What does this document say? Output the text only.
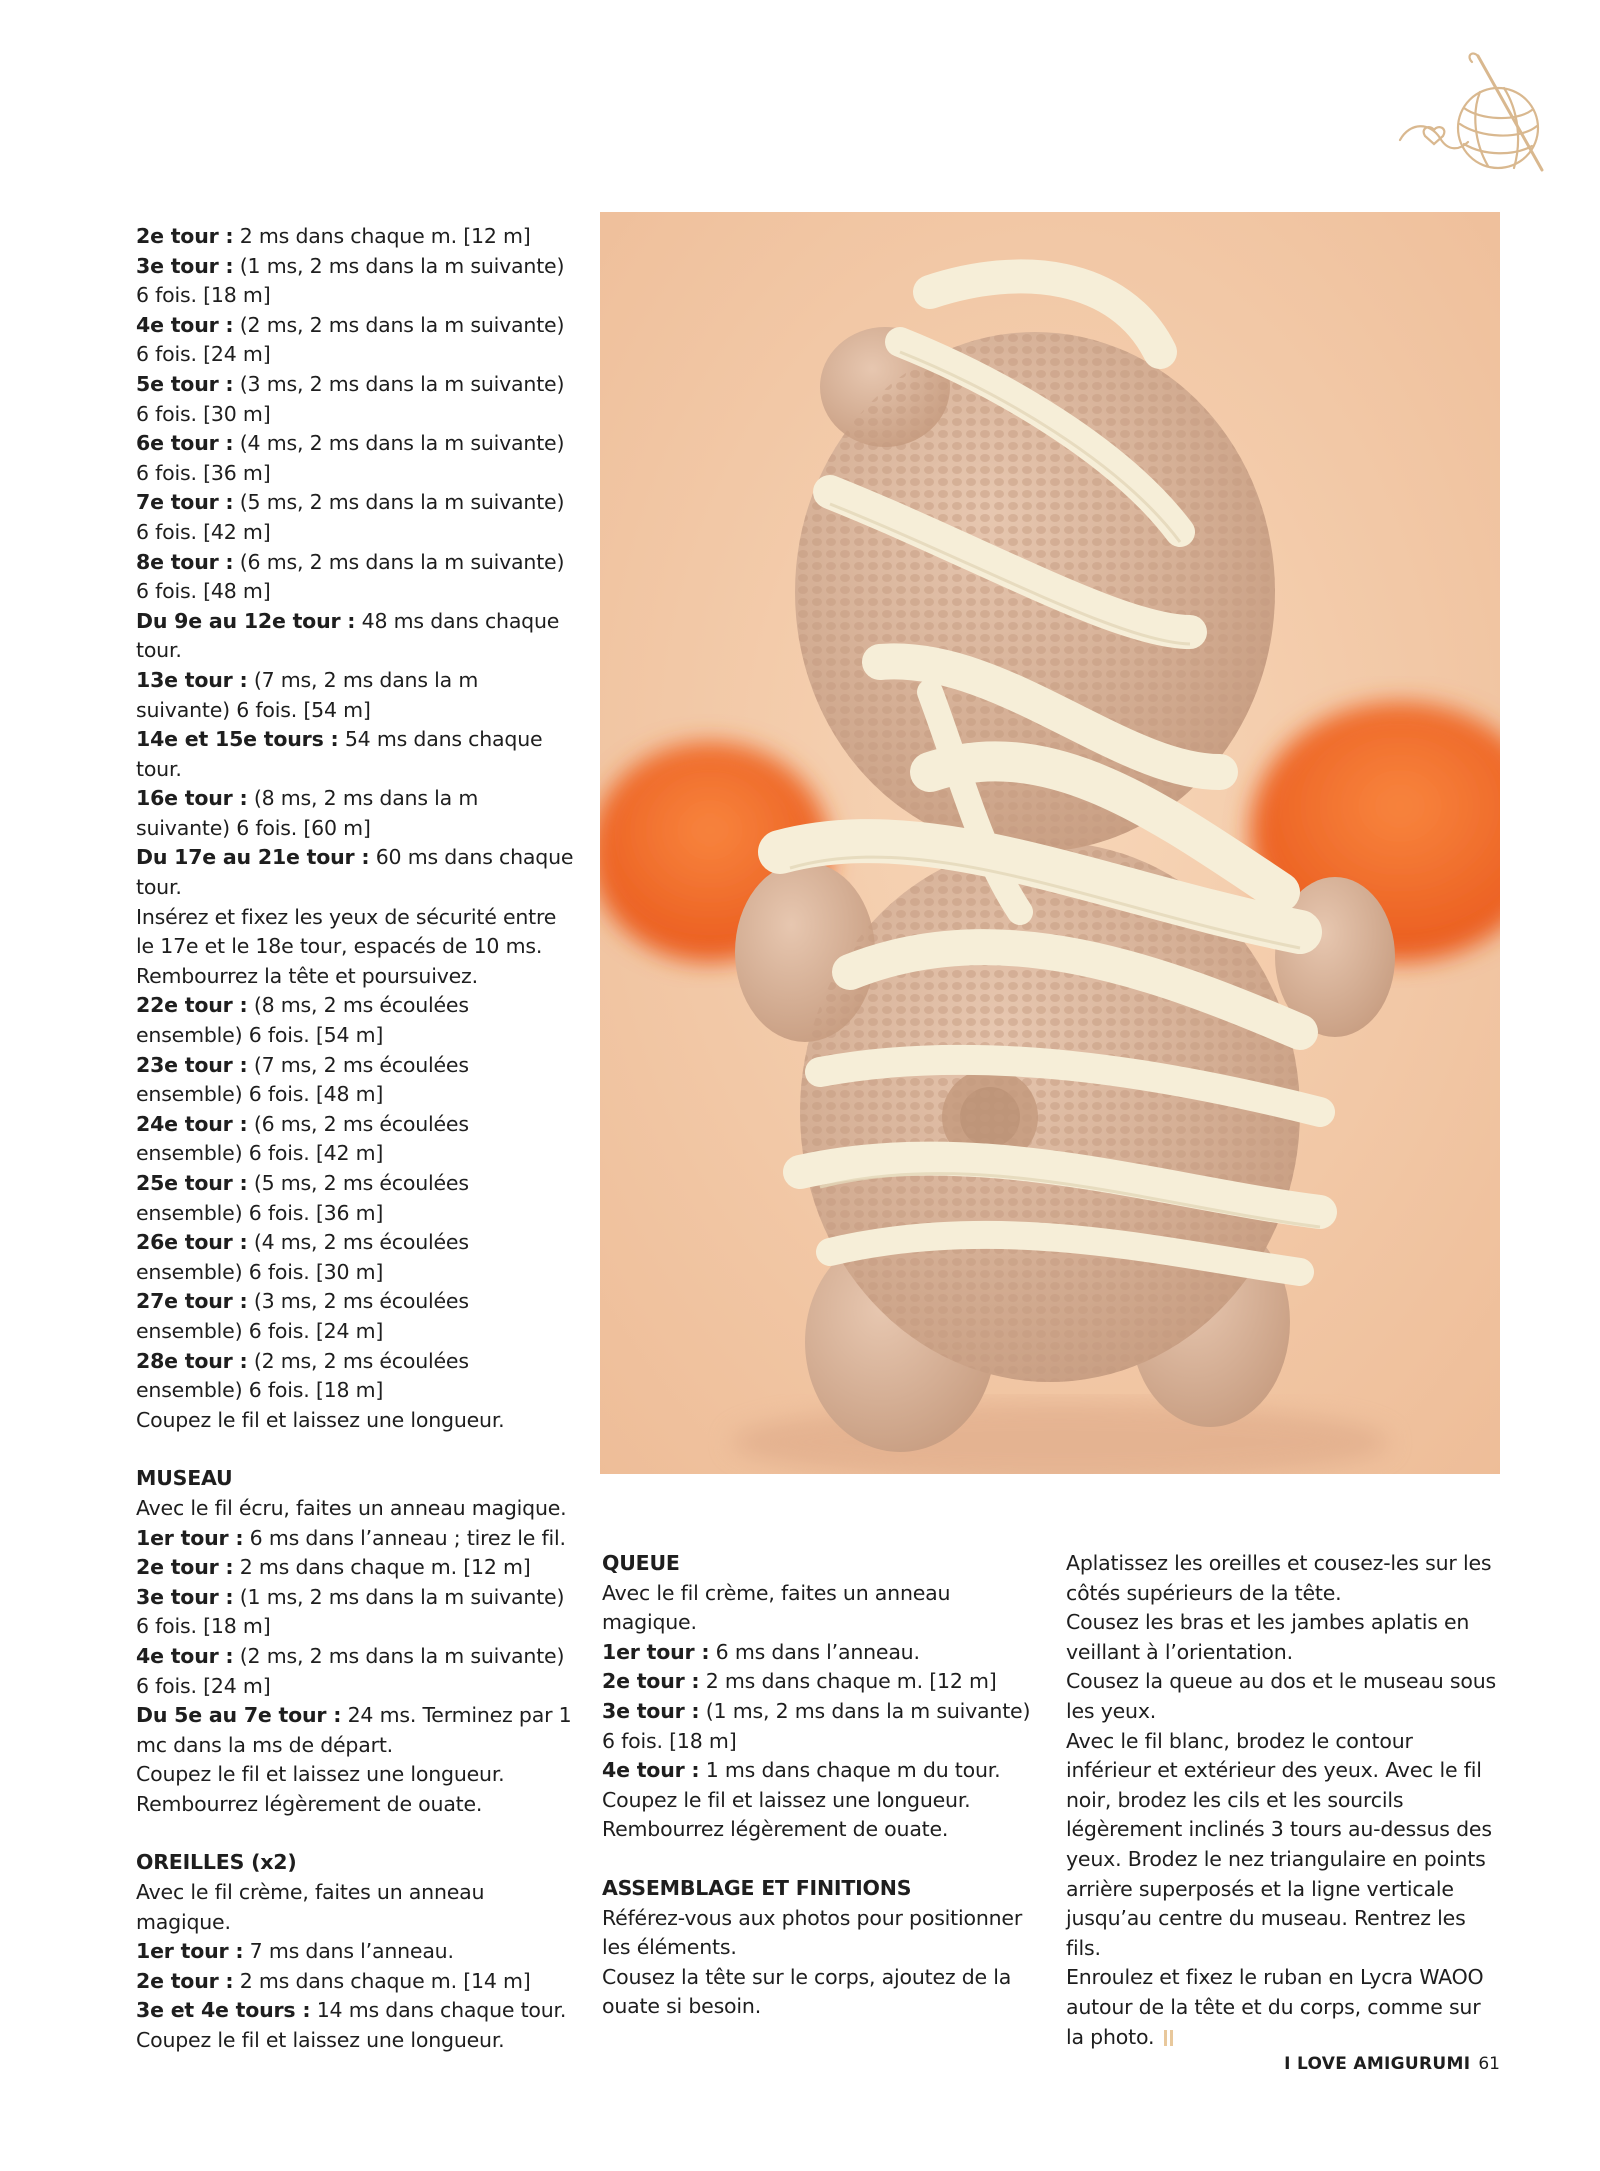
2e tour : 2 ms dans chaque m. [12 m]

3e tour : (1 ms, 2 ms dans la m suivante) 6 fois. [18 m]

4e tour : (2 ms, 2 ms dans la m suivante) 6 fois. [24 m]

5e tour : (3 ms, 2 ms dans la m suivante) 6 fois. [30 m]

6e tour : (4 ms, 2 ms dans la m suivante) 6 fois. [36 m]

7e tour : (5 ms, 2 ms dans la m suivante) 6 fois. [42 m]

8e tour : (6 ms, 2 ms dans la m suivante) 6 fois. [48 m]

Du 9e au 12e tour : 48 ms dans chaque tour.

13e tour : (7 ms, 2 ms dans la m suivante) 6 fois. [54 m]

14e et 15e tours : 54 ms dans chaque tour.

16e tour : (8 ms, 2 ms dans la m suivante) 6 fois. [60 m]

Du 17e au 21e tour : 60 ms dans chaque tour.

Insérez et fixez les yeux de sécurité entre le 17e et le 18e tour, espacés de 10 ms.

Rembourrez la tête et poursuivez.

22e tour : (8 ms, 2 ms écoulées ensemble) 6 fois. [54 m]

23e tour : (7 ms, 2 ms écoulées ensemble) 6 fois. [48 m]

24e tour : (6 ms, 2 ms écoulées ensemble) 6 fois. [42 m]

25e tour : (5 ms, 2 ms écoulées ensemble) 6 fois. [36 m]

26e tour : (4 ms, 2 ms écoulées ensemble) 6 fois. [30 m]

27e tour : (3 ms, 2 ms écoulées ensemble) 6 fois. [24 m]

28e tour : (2 ms, 2 ms écoulées ensemble) 6 fois. [18 m]

Coupez le fil et laissez une longueur.

MUSEAU

Avec le fil écru, faites un anneau magique.

1er tour : 6 ms dans l’anneau ; tirez le fil.

2e tour : 2 ms dans chaque m. [12 m]

3e tour : (1 ms, 2 ms dans la m suivante) 6 fois. [18 m]

4e tour : (2 ms, 2 ms dans la m suivante) 6 fois. [24 m]

Du 5e au 7e tour : 24 ms. Terminez par 1 mc dans la ms de départ.

Coupez le fil et laissez une longueur. Rembourrez légèrement de ouate.

OREILLES (x2)

Avec le fil crème, faites un anneau magique.

1er tour : 7 ms dans l’anneau.

2e tour : 2 ms dans chaque m. [14 m]

3e et 4e tours : 14 ms dans chaque tour.

Coupez le fil et laissez une longueur.

QUEUE

Avec le fil crème, faites un anneau magique.

1er tour : 6 ms dans l’anneau.

2e tour : 2 ms dans chaque m. [12 m]

3e tour : (1 ms, 2 ms dans la m suivante) 6 fois. [18 m]

4e tour : 1 ms dans chaque m du tour.

Coupez le fil et laissez une longueur. Rembourrez légèrement de ouate.

ASSEMBLAGE ET FINITIONS

Référez-vous aux photos pour positionner les éléments.

Cousez la tête sur le corps, ajoutez de la ouate si besoin.

Aplatissez les oreilles et cousez-les sur les côtés supérieurs de la tête.

Cousez les bras et les jambes aplatis en veillant à l’orientation.

Cousez la queue au dos et le museau sous les yeux.

Avec le fil blanc, brodez le contour inférieur et extérieur des yeux. Avec le fil noir, brodez les cils et les sourcils légèrement inclinés 3 tours au-dessus des yeux. Brodez le nez triangulaire en points arrière superposés et la ligne verticale jusqu’au centre du museau. Rentrez les fils.

Enroulez et fixez le ruban en Lycra WAOO autour de la tête et du corps, comme sur la photo.

I LOVE AMIGURUMI 61
